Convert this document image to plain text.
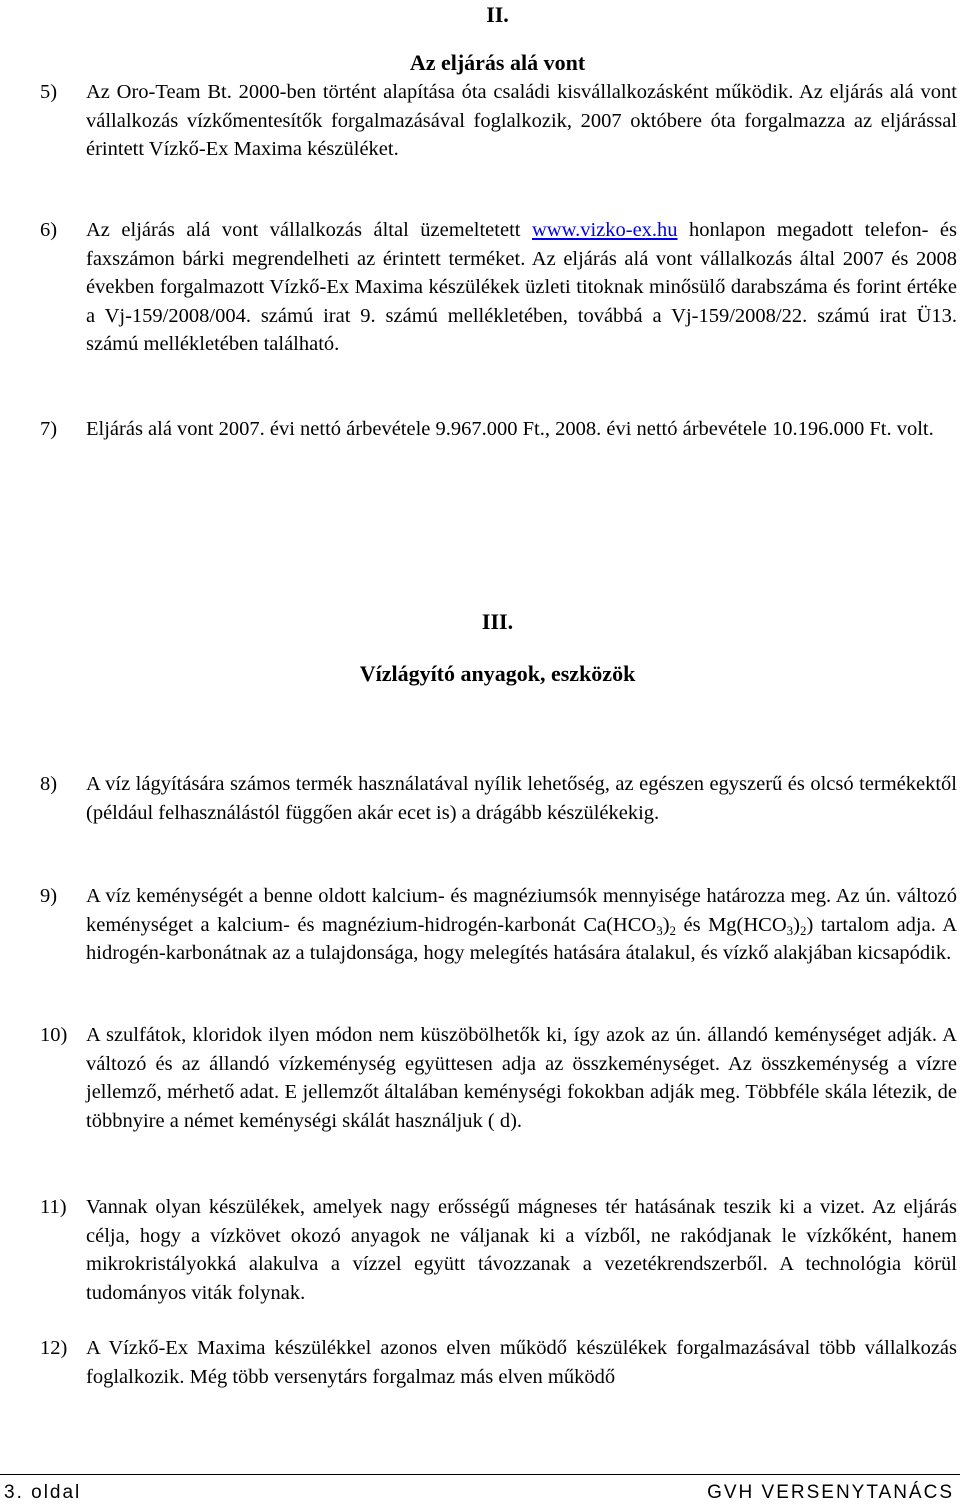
II.
Az eljárás alá vont
5) Az Oro-Team Bt. 2000-ben történt alapítása óta családi kisvállalkozásként működik. Az eljárás alá vont vállalkozás vízkőmentesítők forgalmazásával foglalkozik, 2007 októbere óta forgalmazza az eljárással érintett Vízkő-Ex Maxima készüléket.
6) Az eljárás alá vont vállalkozás által üzemeltetett www.vizko-ex.hu honlapon megadott telefon- és faxszámon bárki megrendelheti az érintett terméket. Az eljárás alá vont vállalkozás által 2007 és 2008 években forgalmazott Vízkő-Ex Maxima készülékek üzleti titoknak minősülő darabszáma és forint értéke a Vj-159/2008/004. számú irat 9. számú mellékletében, továbbá a Vj-159/2008/22. számú irat Ü13. számú mellékletében található.
7) Eljárás alá vont 2007. évi nettó árbevétele 9.967.000 Ft., 2008. évi nettó árbevétele 10.196.000 Ft. volt.
III.
Vízlágyító anyagok, eszközök
8) A víz lágyítására számos termék használatával nyílik lehetőség, az egészen egyszerű és olcsó termékektől (például felhasználástól függően akár ecet is) a drágább készülékekig.
9) A víz keménységét a benne oldott kalcium- és magnéziumsók mennyisége határozza meg. Az ún. változó keménységet a kalcium- és magnézium-hidrogén-karbonát $Ca(HCO_3)_2$ és $Mg(HCO_3)_2$) tartalom adja. A hidrogén-karbonátnak az a tulajdonsága, hogy melegítés hatására átalakul, és vízkő alakjában kicsapódik.
10) A szulfátok, kloridok ilyen módon nem küszöbölhetők ki, így azok az ún. állandó keménységet adják. A változó és az állandó vízkeménység együttesen adja az összkeménységet. Az összkeménység a vízre jellemző, mérhető adat. E jellemzőt általában keménységi fokokban adják meg. Többféle skála létezik, de többnyire a német keménységi skálát használjuk ( d).
11) Vannak olyan készülékek, amelyek nagy erősségű mágneses tér hatásának teszik ki a vizet. Az eljárás célja, hogy a vízkövet okozó anyagok ne váljanak ki a vízből, ne rakódjanak le vízkőként, hanem mikrokristályokká alakulva a vízzel együtt távozzanak a vezetékrendszerből. A technológia körül tudományos viták folynak.
12) A Vízkő-Ex Maxima készülékkel azonos elven működő készülékek forgalmazásával több vállalkozás foglalkozik. Még több versenytárs forgalmaz más elven működő
3. oldal	GVH VERSENYTANÁCS
